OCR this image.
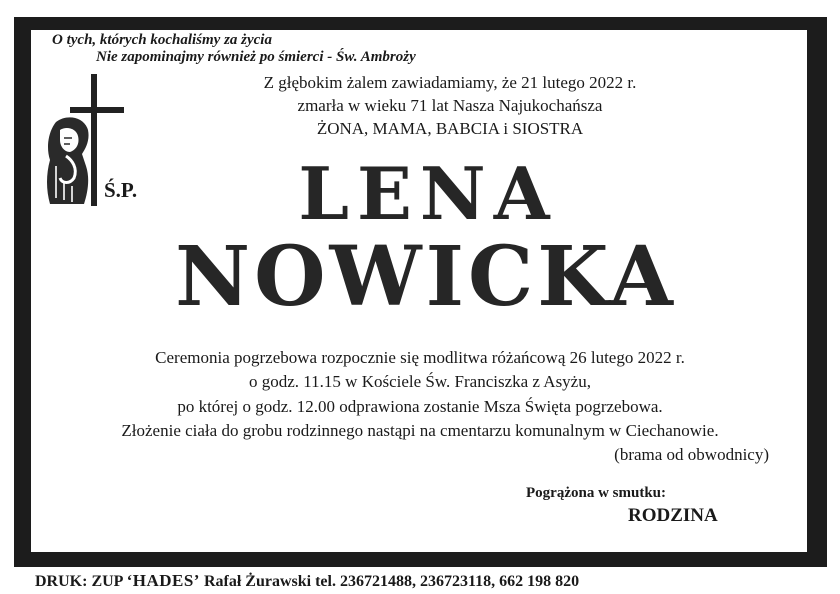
O tych, których kochaliśmy za życia
Nie zapominajmy również po śmierci - Św. Ambroży
Z głębokim żalem zawiadamiamy, że 21 lutego 2022 r.
zmarła w wieku 71 lat Nasza Najukochańsza
ŻONA, MAMA, BABCIA i SIOSTRA
Ś.P.	LENA
NOWICKA
Ceremonia pogrzebowa rozpocznie się modlitwa różańcową 26 lutego 2022 r.
o godz. 11.15 w Kościele Św. Franciszka z Asyżu,
po której o godz. 12.00 odprawiona zostanie Msza Święta pogrzebowa.
Złożenie ciała do grobu rodzinnego nastąpi na cmentarzu komunalnym w Ciechanowie.
(brama od obwodnicy)
Pogrążona w smutku:
RODZINA
DRUK: ZUP ‘HADES’ Rafał Żurawski tel. 236721488, 236723118, 662 198 820
